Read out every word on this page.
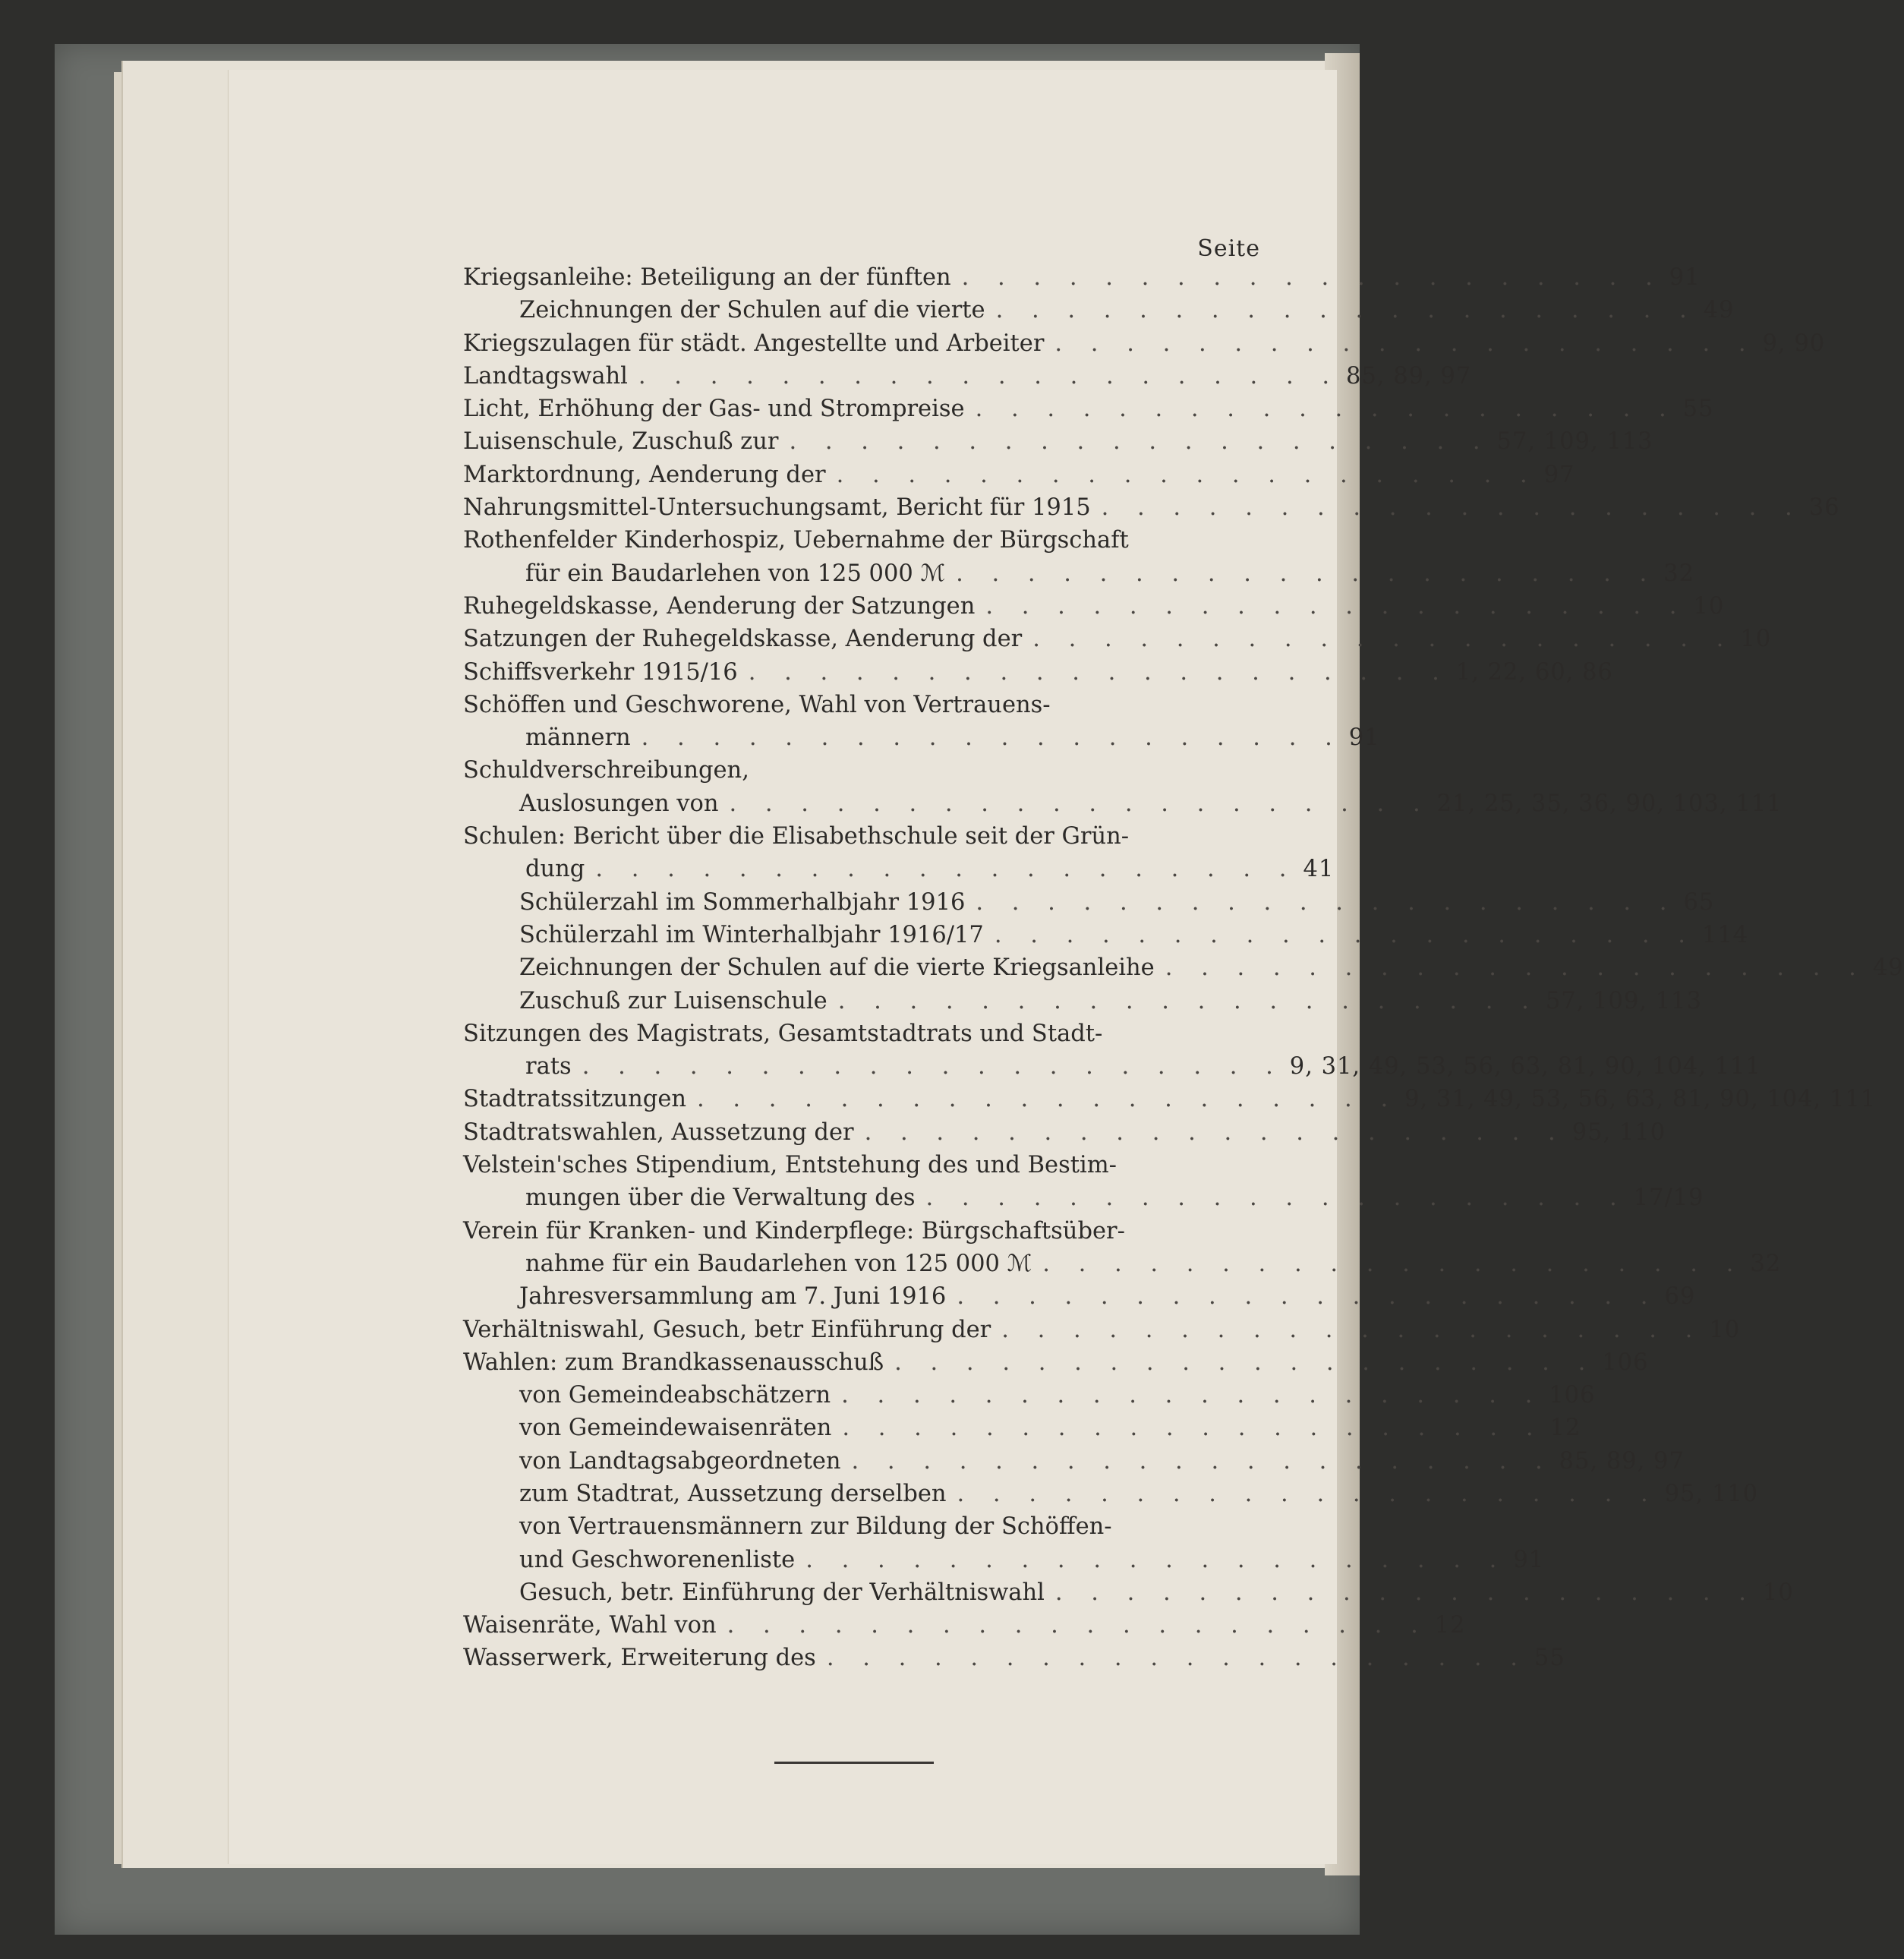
Seite
Kriegsanleihe: Beteiligung an der fünften . . . . . . . . . . . . . . . . . . . . 91
Zeichnungen der Schulen auf die vierte . . . . . . . . . . . . . . . . . . . . 49
Kriegszulagen für städt. Angestellte und Arbeiter . . . . . . . . . . . . . . . . . . . . 9, 90
Landtagswahl . . . . . . . . . . . . . . . . . . . . 85, 89, 97
Licht, Erhöhung der Gas- und Strompreise . . . . . . . . . . . . . . . . . . . . 55
Luisenschule, Zuschuß zur . . . . . . . . . . . . . . . . . . . . 57, 109, 113
Marktordnung, Aenderung der . . . . . . . . . . . . . . . . . . . . 97
Nahrungsmittel-Untersuchungsamt, Bericht für 1915 . . . . . . . . . . . . . . . . . . . . 36
Rothenfelder Kinderhospiz, Uebernahme der Bürgschaft
für ein Baudarlehen von 125 000 ℳ . . . . . . . . . . . . . . . . . . . . 32
Ruhegeldskasse, Aenderung der Satzungen . . . . . . . . . . . . . . . . . . . . 10
Satzungen der Ruhegeldskasse, Aenderung der . . . . . . . . . . . . . . . . . . . . 10
Schiffsverkehr 1915/16 . . . . . . . . . . . . . . . . . . . . 1, 22, 60, 86
Schöffen und Geschworene, Wahl von Vertrauens-
männern . . . . . . . . . . . . . . . . . . . . 91
Schuldverschreibungen,
Auslosungen von . . . . . . . . . . . . . . . . . . . . 21, 25, 35, 36, 90, 103, 111
Schulen: Bericht über die Elisabethschule seit der Grün-
dung . . . . . . . . . . . . . . . . . . . . 41
Schülerzahl im Sommerhalbjahr 1916 . . . . . . . . . . . . . . . . . . . . 65
Schülerzahl im Winterhalbjahr 1916/17 . . . . . . . . . . . . . . . . . . . . 114
Zeichnungen der Schulen auf die vierte Kriegsanleihe . . . . . . . . . . . . . . . . . . . . 49
Zuschuß zur Luisenschule . . . . . . . . . . . . . . . . . . . . 57, 109, 113
Sitzungen des Magistrats, Gesamtstadtrats und Stadt-
rats . . . . . . . . . . . . . . . . . . . . 9, 31, 49, 53, 56, 63, 81, 90, 104, 111
Stadtratssitzungen . . . . . . . . . . . . . . . . . . . . 9, 31, 49, 53, 56, 63, 81, 90, 104, 111
Stadtratswahlen, Aussetzung der . . . . . . . . . . . . . . . . . . . . 95, 110
Velstein'sches Stipendium, Entstehung des und Bestim-
mungen über die Verwaltung des . . . . . . . . . . . . . . . . . . . . 17/19
Verein für Kranken- und Kinderpflege: Bürgschaftsüber-
nahme für ein Baudarlehen von 125 000 ℳ . . . . . . . . . . . . . . . . . . . . 32
Jahresversammlung am 7. Juni 1916 . . . . . . . . . . . . . . . . . . . . 69
Verhältniswahl, Gesuch, betr Einführung der . . . . . . . . . . . . . . . . . . . . 10
Wahlen: zum Brandkassenausschuß . . . . . . . . . . . . . . . . . . . . 106
von Gemeindeabschätzern . . . . . . . . . . . . . . . . . . . . 106
von Gemeindewaisenräten . . . . . . . . . . . . . . . . . . . . 12
von Landtagsabgeordneten . . . . . . . . . . . . . . . . . . . . 85, 89, 97
zum Stadtrat, Aussetzung derselben . . . . . . . . . . . . . . . . . . . . 95, 110
von Vertrauensmännern zur Bildung der Schöffen-
und Geschworenenliste . . . . . . . . . . . . . . . . . . . . 91
Gesuch, betr. Einführung der Verhältniswahl . . . . . . . . . . . . . . . . . . . . 10
Waisenräte, Wahl von . . . . . . . . . . . . . . . . . . . . 12
Wasserwerk, Erweiterung des . . . . . . . . . . . . . . . . . . . . 55
